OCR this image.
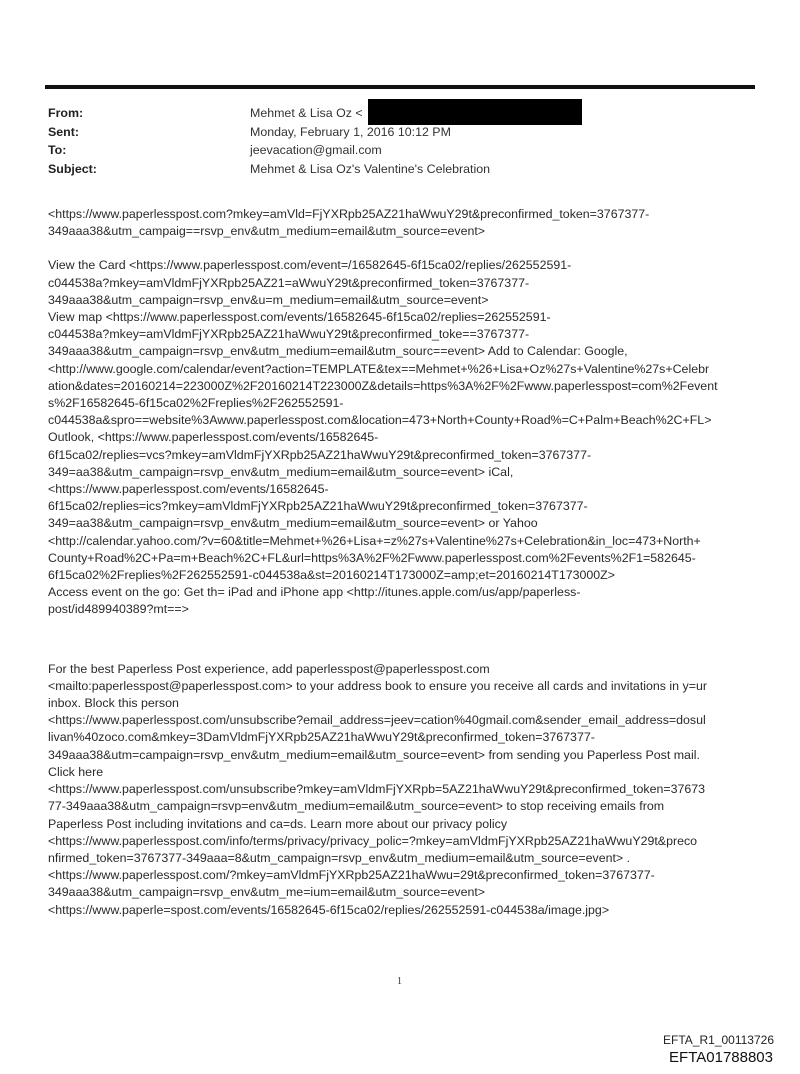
From:	Mehmet & Lisa Oz <
Sent:	Monday, February 1, 2016 10:12 PM
To:	jeevacation@gmail.com
Subject:	Mehmet & Lisa Oz's Valentine's Celebration

<https://www.paperlesspost.com?mkey=amVld=FjYXRpb25AZ21haWwuY29t&preconfirmed_token=3767377-

349aaa38&utm_campaig==rsvp_env&utm_medium=email&utm_source=event>

View the Card <https://www.paperlesspost.com/event=/16582645-6f15ca02/replies/262552591-

c044538a?mkey=amVldmFjYXRpb25AZ21=aWwuY29t&preconfirmed_token=3767377-

349aaa38&utm_campaign=rsvp_env&u=m_medium=email&utm_source=event>

View map <https://www.paperlesspost.com/events/16582645-6f15ca02/replies=262552591-

c044538a?mkey=amVldmFjYXRpb25AZ21haWwuY29t&preconfirmed_toke==3767377-

349aaa38&utm_campaign=rsvp_env&utm_medium=email&utm_sourc==event> Add to Calendar: Google,

<http://www.google.com/calendar/event?action=TEMPLATE&tex==Mehmet+%26+Lisa+Oz%27s+Valentine%27s+Celebr

ation&dates=20160214=223000Z%2F20160214T223000Z&details=https%3A%2F%2Fwww.paperlesspost=com%2Fevent

s%2F16582645-6f15ca02%2Freplies%2F262552591-

c044538a&spro==website%3Awww.paperlesspost.com&location=473+North+County+Road%=C+Palm+Beach%2C+FL>

Outlook, <https://www.paperlesspost.com/events/16582645-

6f15ca02/replies=vcs?mkey=amVldmFjYXRpb25AZ21haWwuY29t&preconfirmed_token=3767377-

349=aa38&utm_campaign=rsvp_env&utm_medium=email&utm_source=event> iCal,

<https://www.paperlesspost.com/events/16582645-

6f15ca02/replies=ics?mkey=amVldmFjYXRpb25AZ21haWwuY29t&preconfirmed_token=3767377-

349=aa38&utm_campaign=rsvp_env&utm_medium=email&utm_source=event> or Yahoo

<http://calendar.yahoo.com/?v=60&title=Mehmet+%26+Lisa+=z%27s+Valentine%27s+Celebration&in_loc=473+North+

County+Road%2C+Pa=m+Beach%2C+FL&url=https%3A%2F%2Fwww.paperlesspost.com%2Fevents%2F1=582645-

6f15ca02%2Freplies%2F262552591-c044538a&st=20160214T173000Z=amp;et=20160214T173000Z>

Access event on the go: Get th= iPad and iPhone app <http://itunes.apple.com/us/app/paperless-

post/id489940389?mt==>

For the best Paperless Post experience, add paperlesspost@paperlesspost.com

<mailto:paperlesspost@paperlesspost.com> to your address book to ensure you receive all cards and invitations in y=ur

inbox. Block this person

<https://www.paperlesspost.com/unsubscribe?email_address=jeev=cation%40gmail.com&sender_email_address=dosul

livan%40zoco.com&mkey=3DamVldmFjYXRpb25AZ21haWwuY29t&preconfirmed_token=3767377-

349aaa38&utm=campaign=rsvp_env&utm_medium=email&utm_source=event> from sending you Paperless Post mail.

Click here

<https://www.paperlesspost.com/unsubscribe?mkey=amVldmFjYXRpb=5AZ21haWwuY29t&preconfirmed_token=37673

77-349aaa38&utm_campaign=rsvp=env&utm_medium=email&utm_source=event> to stop receiving emails from

Paperless Post including invitations and ca=ds. Learn more about our privacy policy

<https://www.paperlesspost.com/info/terms/privacy/privacy_polic=?mkey=amVldmFjYXRpb25AZ21haWwuY29t&preco

nfirmed_token=3767377-349aaa=8&utm_campaign=rsvp_env&utm_medium=email&utm_source=event> .

<https://www.paperlesspost.com/?mkey=amVldmFjYXRpb25AZ21haWwu=29t&preconfirmed_token=3767377-

349aaa38&utm_campaign=rsvp_env&utm_me=ium=email&utm_source=event>

<https://www.paperle=spost.com/events/16582645-6f15ca02/replies/262552591-c044538a/image.jpg>

1
EFTA_R1_00113726
EFTA01788803
